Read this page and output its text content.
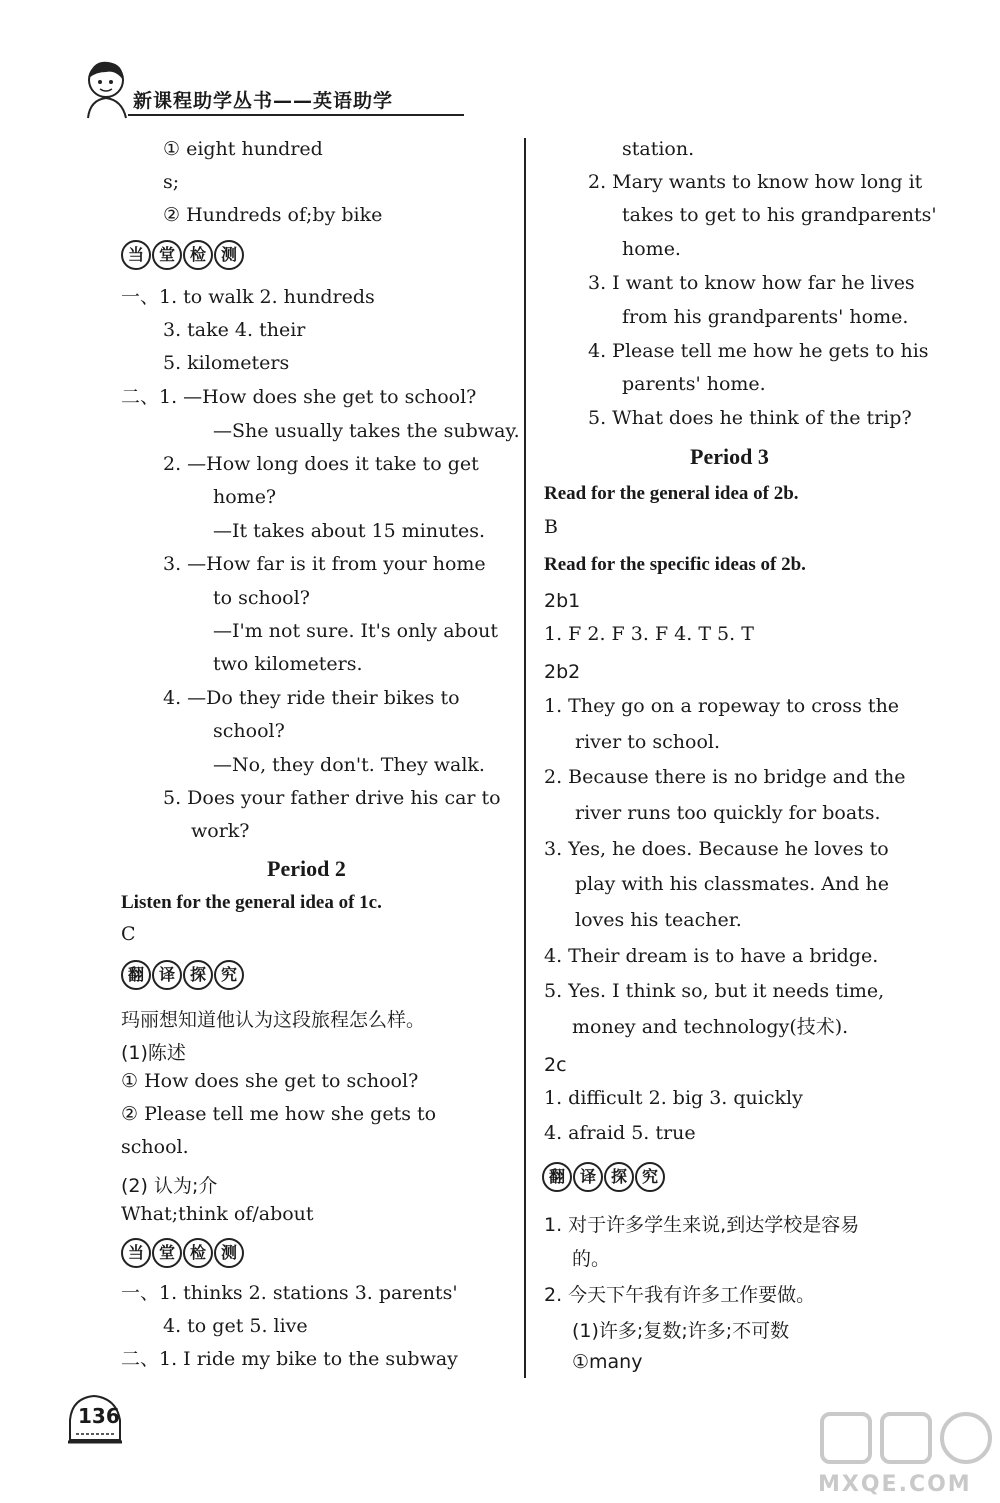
新课程助学丛书——英语助学
① eight hundred
s;
② Hundreds of;by bike
当 堂 检 测
一、1. to walk 2. hundreds
3. take 4. their
5. kilometers
二、1. —How does she get to school?
—She usually takes the subway.
2. —How long does it take to get
home?
—It takes about 15 minutes.
3. —How far is it from your home
to school?
—I'm not sure. It's only about
two kilometers.
4. —Do they ride their bikes to
school?
—No, they don't. They walk.
5. Does your father drive his car to
work?
Period 2
Listen for the general idea of 1c.
C
翻 译 探 究
玛丽想知道他认为这段旅程怎么样。
(1)陈述
① How does she get to school?
② Please tell me how she gets to
school.
(2) 认为;介
What;think of/about
当 堂 检 测
一、1. thinks 2. stations 3. parents'
4. to get 5. live
二、1. I ride my bike to the subway
station.
2. Mary wants to know how long it
takes to get to his grandparents'
home.
3. I want to know how far he lives
from his grandparents' home.
4. Please tell me how he gets to his
parents' home.
5. What does he think of the trip?
Period 3
Read for the general idea of 2b.
B
Read for the specific ideas of 2b.
2b1
1. F 2. F 3. F 4. T 5. T
2b2
1. They go on a ropeway to cross the
river to school.
2. Because there is no bridge and the
river runs too quickly for boats.
3. Yes, he does. Because he loves to
play with his classmates. And he
loves his teacher.
4. Their dream is to have a bridge.
5. Yes. I think so, but it needs time,
money and technology(技术).
2c
1. difficult 2. big 3. quickly
4. afraid 5. true
翻 译 探 究
1. 对于许多学生来说,到达学校是容易
的。
2. 今天下午我有许多工作要做。
(1)许多;复数;许多;不可数
①many
136
MXQE.COM
